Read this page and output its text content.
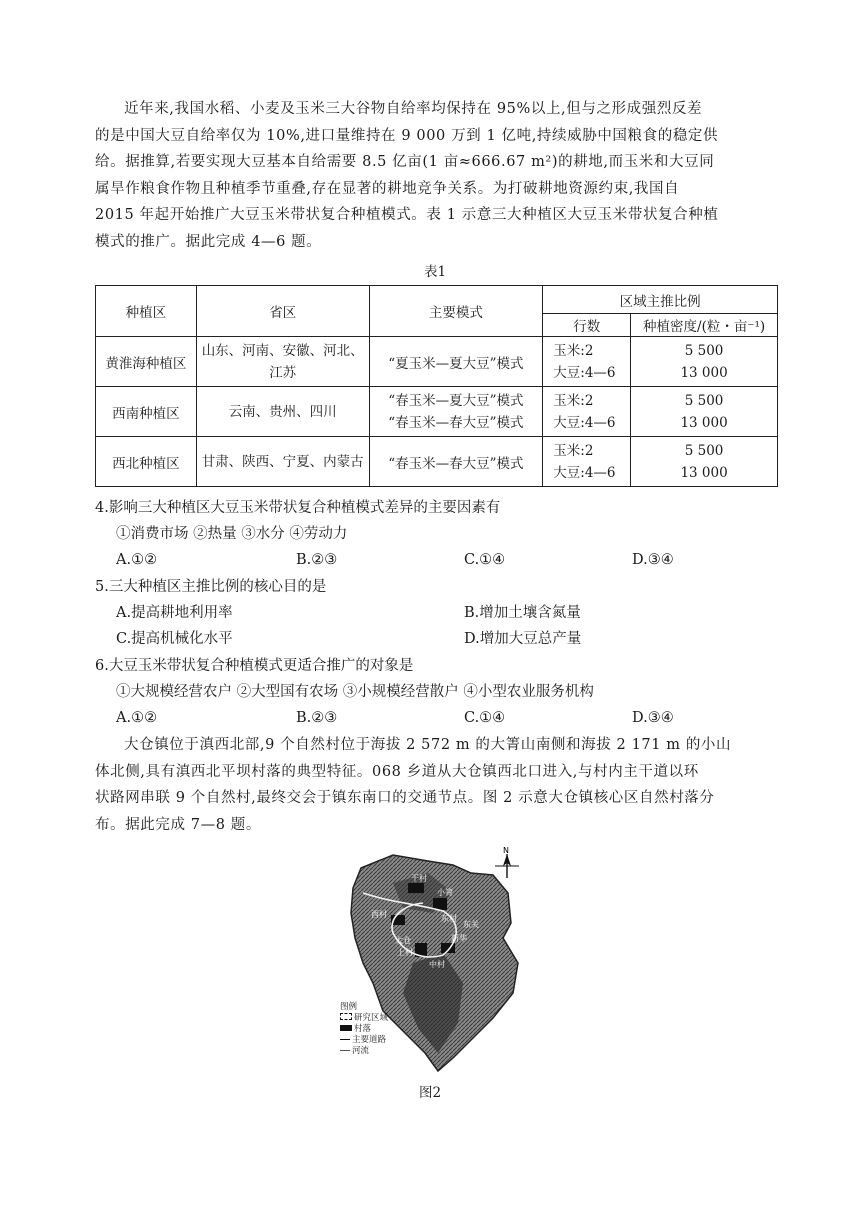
近年来,我国水稻、小麦及玉米三大谷物自给率均保持在 95%以上,但与之形成强烈反差
的是中国大豆自给率仅为 10%,进口量维持在 9 000 万到 1 亿吨,持续威胁中国粮食的稳定供
给。据推算,若要实现大豆基本自给需要 8.5 亿亩(1 亩≈666.67 m²)的耕地,而玉米和大豆同
属旱作粮食作物且种植季节重叠,存在显著的耕地竞争关系。为打破耕地资源约束,我国自
2015 年起开始推广大豆玉米带状复合种植模式。表 1 示意三大种植区大豆玉米带状复合种植
模式的推广。据此完成 4—6 题。
表1
种植区	省区	主要模式	区域主推比例	
			行数	种植密度/(粒・亩⁻¹)
黄淮海种植区	山东、河南、安徽、河北、
江苏	“夏玉米—夏大豆”模式	玉米:2
大豆:4—6	5 500
13 000

西南种植区	云南、贵州、四川	“春玉米—夏大豆”模式
“春玉米—春大豆”模式	玉米:2
大豆:4—6	5 500
13 000

西北种植区	甘肃、陕西、宁夏、内蒙古	“春玉米—春大豆”模式	玉米:2
大豆:4—6	5 500
13 000
4.影响三大种植区大豆玉米带状复合种植模式差异的主要因素有
①消费市场 ②热量 ③水分 ④劳动力
A.①②	B.②③	C.①④	D.③④
5.三大种植区主推比例的核心目的是
A.提高耕地利用率	B.增加土壤含氮量
C.提高机械化水平	D.增加大豆总产量
6.大豆玉米带状复合种植模式更适合推广的对象是
①大规模经营农户 ②大型国有农场 ③小规模经营散户 ④小型农业服务机构
A.①②	B.②③	C.①④	D.③④
大仓镇位于滇西北部,9 个自然村位于海拔 2 572 m 的大箐山南侧和海拔 2 171 m 的小山
体北侧,具有滇西北平坝村落的典型特征。068 乡道从大仓镇西北口进入,与村内主干道以环
状路网串联 9 个自然村,最终交会于镇东南口的交通节点。图 2 示意大仓镇核心区自然村落分
布。据此完成 7—8 题。
干村
小箐
东村
西村
大仓
上村
中村
新华
东关
N
图例
研究区域
村落
主要道路
河流
图2
